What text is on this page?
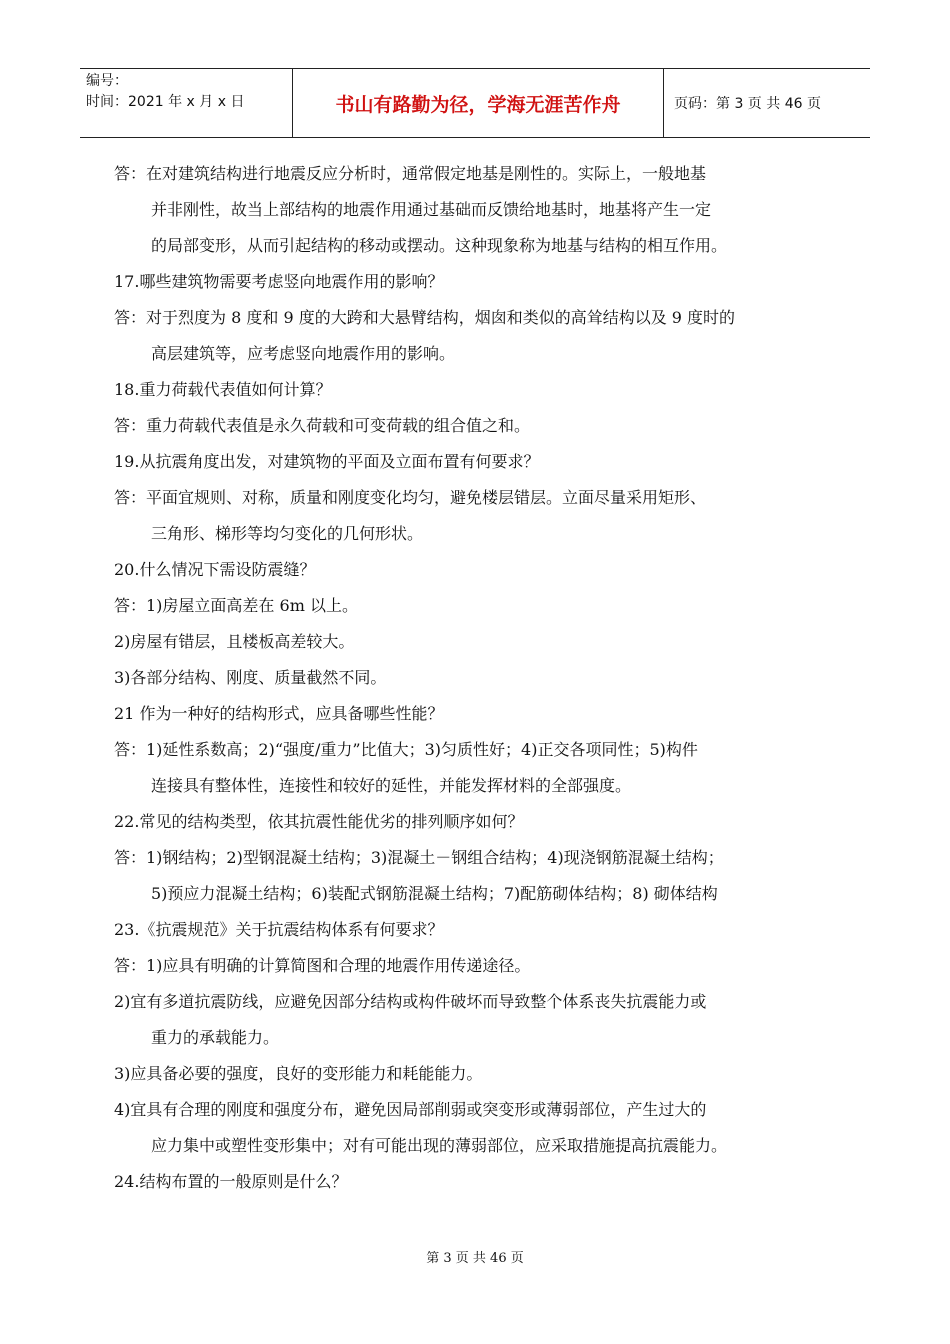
编号：
时间：2021 年 x 月 x 日	书山有路勤为径，学海无涯苦作舟	页码：第 3 页 共 46 页
答：在对建筑结构进行地震反应分析时，通常假定地基是刚性的。实际上，一般地基
并非刚性，故当上部结构的地震作用通过基础而反馈给地基时，地基将产生一定
的局部变形，从而引起结构的移动或摆动。这种现象称为地基与结构的相互作用。
17.哪些建筑物需要考虑竖向地震作用的影响？
答：对于烈度为 8 度和 9 度的大跨和大悬臂结构，烟囱和类似的高耸结构以及 9 度时的
高层建筑等，应考虑竖向地震作用的影响。
18.重力荷载代表值如何计算？
答：重力荷载代表值是永久荷载和可变荷载的组合值之和。
19.从抗震角度出发，对建筑物的平面及立面布置有何要求？
答：平面宜规则、对称，质量和刚度变化均匀，避免楼层错层。立面尽量采用矩形、
三角形、梯形等均匀变化的几何形状。
20.什么情况下需设防震缝？
答：1)房屋立面高差在 6m 以上。
2)房屋有错层，且楼板高差较大。
3)各部分结构、刚度、质量截然不同。
21 作为一种好的结构形式，应具备哪些性能？
答：1)延性系数高；2)“强度/重力”比值大；3)匀质性好；4)正交各项同性；5)构件
连接具有整体性，连接性和较好的延性，并能发挥材料的全部强度。
22.常见的结构类型，依其抗震性能优劣的排列顺序如何？
答：1)钢结构；2)型钢混凝土结构；3)混凝土－钢组合结构；4)现浇钢筋混凝土结构；
5)预应力混凝土结构；6)装配式钢筋混凝土结构；7)配筋砌体结构；8) 砌体结构
23.《抗震规范》关于抗震结构体系有何要求？
答：1)应具有明确的计算简图和合理的地震作用传递途径。
2)宜有多道抗震防线，应避免因部分结构或构件破坏而导致整个体系丧失抗震能力或
重力的承载能力。
3)应具备必要的强度，良好的变形能力和耗能能力。
4)宜具有合理的刚度和强度分布，避免因局部削弱或突变形或薄弱部位，产生过大的
应力集中或塑性变形集中；对有可能出现的薄弱部位，应采取措施提高抗震能力。
24.结构布置的一般原则是什么？
第 3 页 共 46 页
